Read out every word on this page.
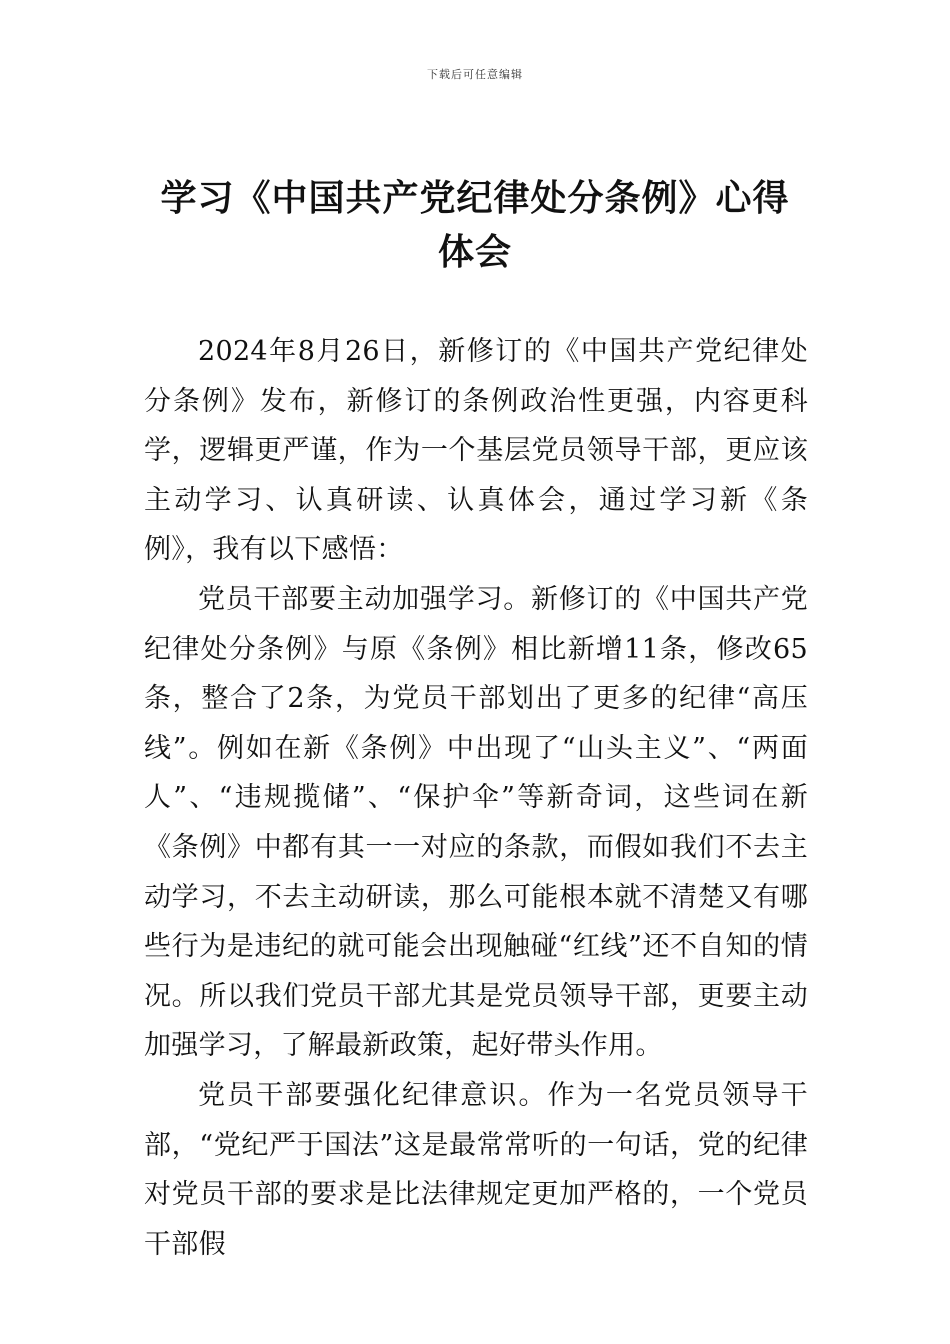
下载后可任意编辑
学习《中国共产党纪律处分条例》心得体会

2024年8月26日，新修订的《中国共产党纪律处分条例》发布，新修订的条例政治性更强，内容更科学，逻辑更严谨，作为一个基层党员领导干部，更应该主动学习、认真研读、认真体会，通过学习新《条例》，我有以下感悟：

党员干部要主动加强学习。新修订的《中国共产党纪律处分条例》与原《条例》相比新增11条，修改65条，整合了2条，为党员干部划出了更多的纪律“高压线”。例如在新《条例》中出现了“山头主义”、“两面人”、“违规揽储”、“保护伞”等新奇词，这些词在新《条例》中都有其一一对应的条款，而假如我们不去主动学习，不去主动研读，那么可能根本就不清楚又有哪些行为是违纪的就可能会出现触碰“红线”还不自知的情况。所以我们党员干部尤其是党员领导干部，更要主动加强学习，了解最新政策，起好带头作用。

党员干部要强化纪律意识。作为一名党员领导干部，“党纪严于国法”这是最常常听的一句话，党的纪律对党员干部的要求是比法律规定更加严格的，一个党员干部假
